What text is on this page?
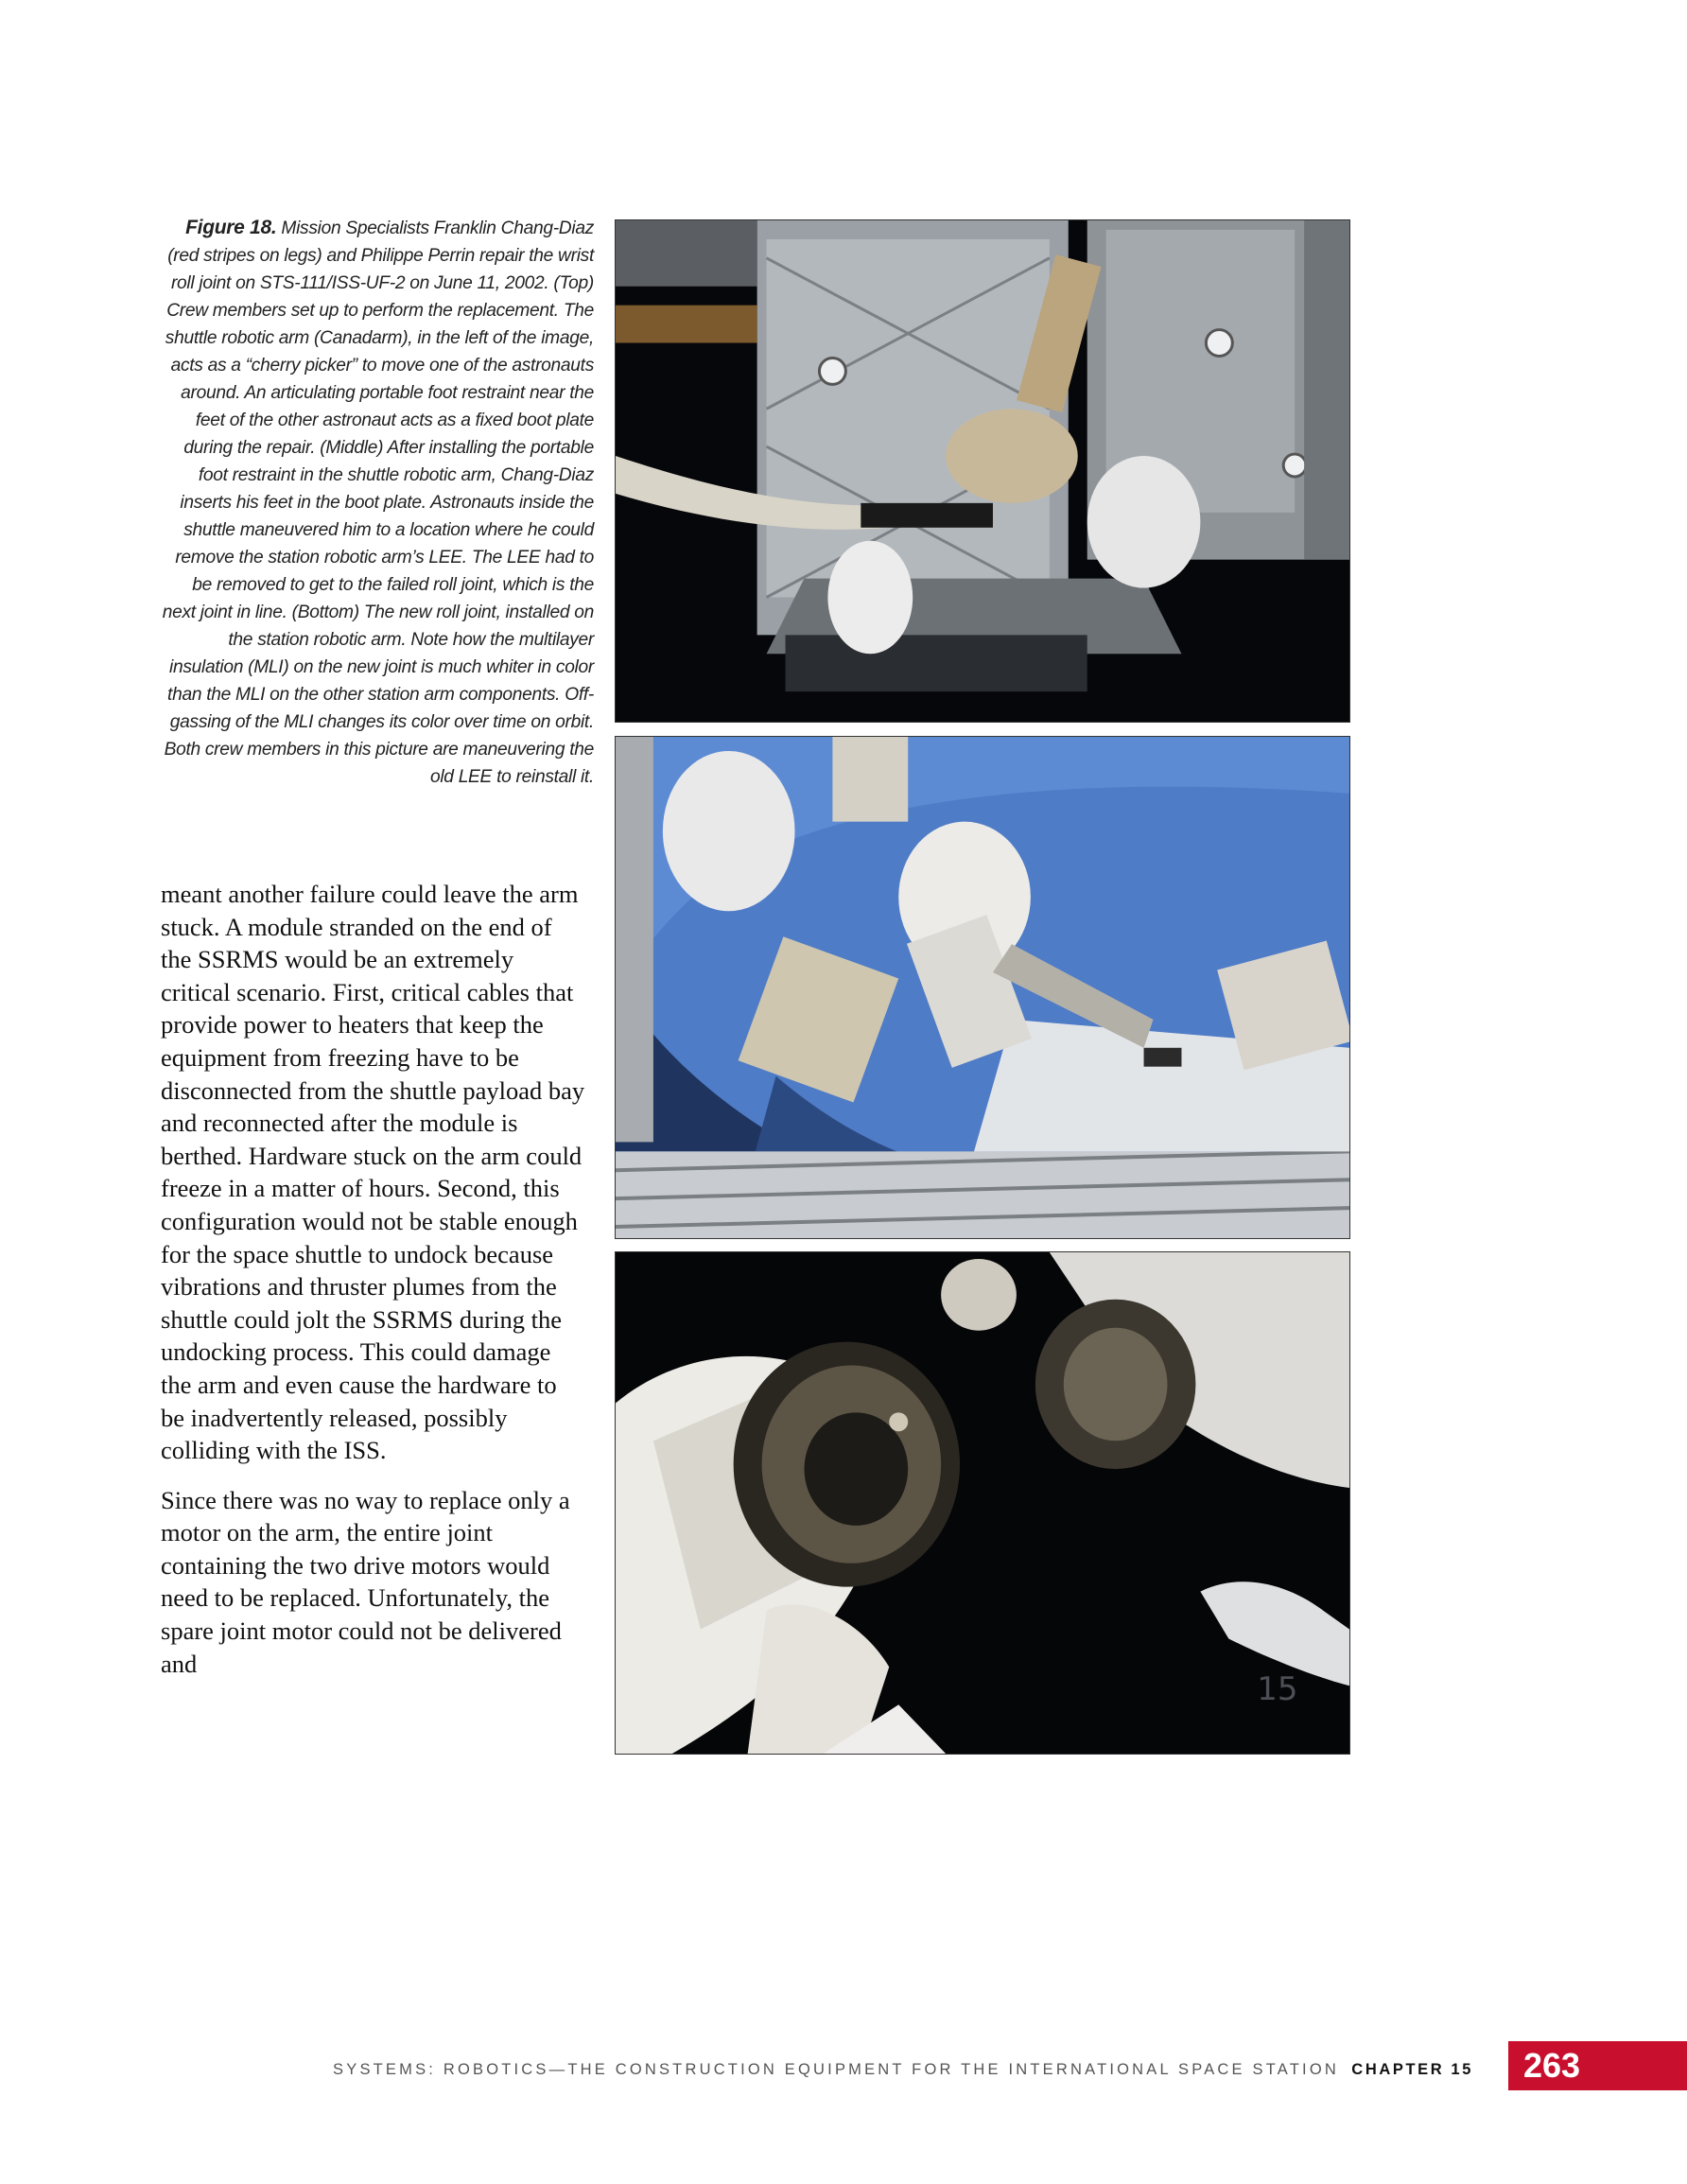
Figure 18. Mission Specialists Franklin Chang-Diaz (red stripes on legs) and Philippe Perrin repair the wrist roll joint on STS-111/ISS-UF-2 on June 11, 2002. (Top) Crew members set up to perform the replacement. The shuttle robotic arm (Canadarm), in the left of the image, acts as a “cherry picker” to move one of the astronauts around. An articulating portable foot restraint near the feet of the other astronaut acts as a fixed boot plate during the repair. (Middle) After installing the portable foot restraint in the shuttle robotic arm, Chang-Diaz inserts his feet in the boot plate. Astronauts inside the shuttle maneuvered him to a location where he could remove the station robotic arm’s LEE. The LEE had to be removed to get to the failed roll joint, which is the next joint in line. (Bottom) The new roll joint, installed on the station robotic arm. Note how the multilayer insulation (MLI) on the new joint is much whiter in color than the MLI on the other station arm components. Off-gassing of the MLI changes its color over time on orbit. Both crew members in this picture are maneuvering the old LEE to reinstall it.

meant another failure could leave the arm stuck. A module stranded on the end of the SSRMS would be an extremely critical scenario. First, critical cables that provide power to heaters that keep the equipment from freezing have to be disconnected from the shuttle payload bay and reconnected after the module is berthed. Hardware stuck on the arm could freeze in a matter of hours. Second, this configuration would not be stable enough for the space shuttle to undock because vibrations and thruster plumes from the shuttle could jolt the SSRMS during the undocking process. This could damage the arm and even cause the hardware to be inadvertently released, possibly colliding with the ISS.

Since there was no way to replace only a motor on the arm, the entire joint containing the two drive motors would need to be replaced. Unfortunately, the spare joint motor could not be delivered and

15
SYSTEMS: ROBOTICS—THE CONSTRUCTION EQUIPMENT FOR THE INTERNATIONAL SPACE STATION CHAPTER 15	263
